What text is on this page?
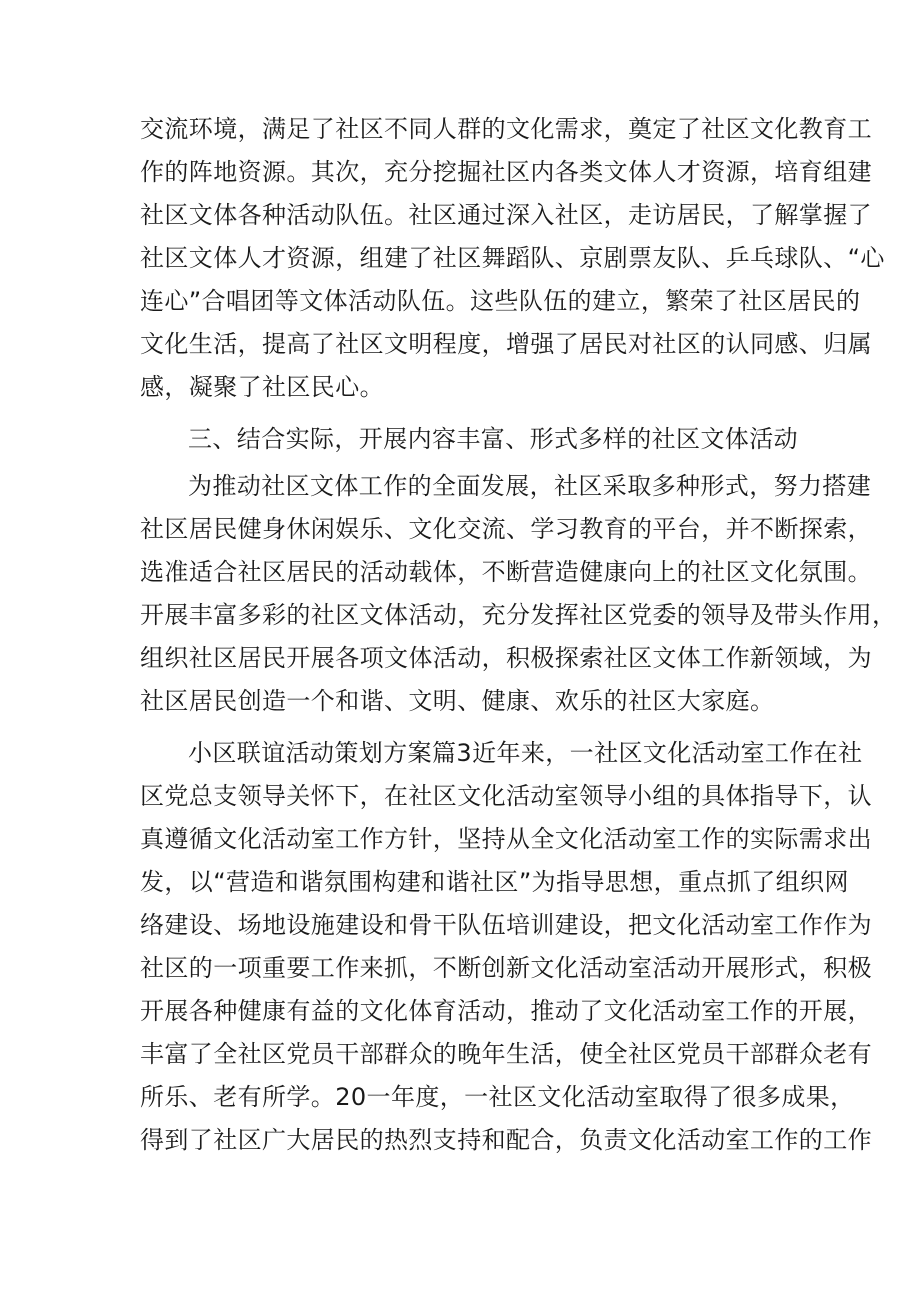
交流环境，满足了社区不同人群的文化需求，奠定了社区文化教育工
作的阵地资源。其次，充分挖掘社区内各类文体人才资源，培育组建
社区文体各种活动队伍。社区通过深入社区，走访居民，了解掌握了
社区文体人才资源，组建了社区舞蹈队、京剧票友队、乒乓球队、“心
连心”合唱团等文体活动队伍。这些队伍的建立，繁荣了社区居民的
文化生活，提高了社区文明程度，增强了居民对社区的认同感、归属
感，凝聚了社区民心。
三、结合实际，开展内容丰富、形式多样的社区文体活动
为推动社区文体工作的全面发展，社区采取多种形式，努力搭建
社区居民健身休闲娱乐、文化交流、学习教育的平台，并不断探索，
选准适合社区居民的活动载体，不断营造健康向上的社区文化氛围。
开展丰富多彩的社区文体活动，充分发挥社区党委的领导及带头作用，
组织社区居民开展各项文体活动，积极探索社区文体工作新领域，为
社区居民创造一个和谐、文明、健康、欢乐的社区大家庭。
小区联谊活动策划方案篇3近年来，一社区文化活动室工作在社
区党总支领导关怀下，在社区文化活动室领导小组的具体指导下，认
真遵循文化活动室工作方针，坚持从全文化活动室工作的实际需求出
发，以“营造和谐氛围构建和谐社区”为指导思想，重点抓了组织网
络建设、场地设施建设和骨干队伍培训建设，把文化活动室工作作为
社区的一项重要工作来抓，不断创新文化活动室活动开展形式，积极
开展各种健康有益的文化体育活动，推动了文化活动室工作的开展，
丰富了全社区党员干部群众的晚年生活，使全社区党员干部群众老有
所乐、老有所学。20一年度，一社区文化活动室取得了很多成果，
得到了社区广大居民的热烈支持和配合，负责文化活动室工作的工作
